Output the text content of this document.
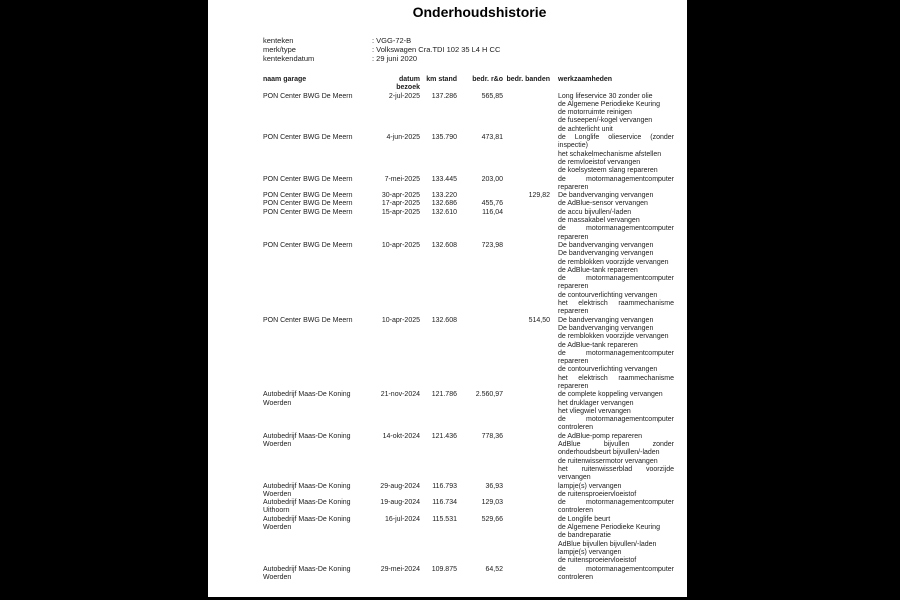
Onderhoudshistorie
kenteken	: VGG-72-B
merk/type	: Volkswagen Cra.TDI 102 35 L4 H CC
kentekendatum	: 29 juni 2020
naam garage	datum bezoek	km stand	bedr. r&o	bedr. banden	werkzaamheden
PON Center BWG De Meern	2-jul-2025	137.286	565,85		Long lifeservice 30 zonder olie
de Algemene Periodieke Keuring
de motorruimte reinigen
de fuseepen/-kogel vervangen
de achterlicht unit

PON Center BWG De Meern	4-jun-2025	135.790	473,81		de Longlife olieservice (zonder inspectie)
het schakelmechanisme afstellen
de remvloeistof vervangen
de koelsysteem slang repareren

PON Center BWG De Meern	7-mei-2025	133.445	203,00		de motormanagementcomputer repareren

PON Center BWG De Meern	30-apr-2025	133.220		129,82	De bandvervanging vervangen

PON Center BWG De Meern	17-apr-2025	132.686	455,76		de AdBlue-sensor vervangen

PON Center BWG De Meern	15-apr-2025	132.610	116,04		de accu bijvullen/-laden
de massakabel vervangen
de motormanagementcomputer repareren

PON Center BWG De Meern	10-apr-2025	132.608	723,98		De bandvervanging vervangen
De bandvervanging vervangen
de remblokken voorzijde vervangen
de AdBlue-tank repareren
de motormanagementcomputer repareren
de contourverlichting vervangen
het elektrisch raammechanisme repareren

PON Center BWG De Meern	10-apr-2025	132.608		514,50	De bandvervanging vervangen
De bandvervanging vervangen
de remblokken voorzijde vervangen
de AdBlue-tank repareren
de motormanagementcomputer repareren
de contourverlichting vervangen
het elektrisch raammechanisme repareren

Autobedrijf Maas-De Koning Woerden	21-nov-2024	121.786	2.560,97		de complete koppeling vervangen
het druklager vervangen
het vliegwiel vervangen
de motormanagementcomputer controleren

Autobedrijf Maas-De Koning Woerden	14-okt-2024	121.436	778,36		de AdBlue-pomp repareren
AdBlue bijvullen zonder onderhoudsbeurt bijvullen/-laden
de ruitenwissermotor vervangen
het ruitenwisserblad voorzijde vervangen

Autobedrijf Maas-De Koning Woerden	29-aug-2024	116.793	36,93		lampje(s) vervangen
de ruitensproeiervloeistof

Autobedrijf Maas-De Koning Uithoorn	19-aug-2024	116.734	129,03		de motormanagementcomputer controleren

Autobedrijf Maas-De Koning Woerden	16-jul-2024	115.531	529,66		de Longlife beurt
de Algemene Periodieke Keuring
de bandreparatie
AdBlue bijvullen bijvullen/-laden
lampje(s) vervangen
de ruitensproeiervloeistof

Autobedrijf Maas-De Koning Woerden	29-mei-2024	109.875	64,52		de motormanagementcomputer controleren
